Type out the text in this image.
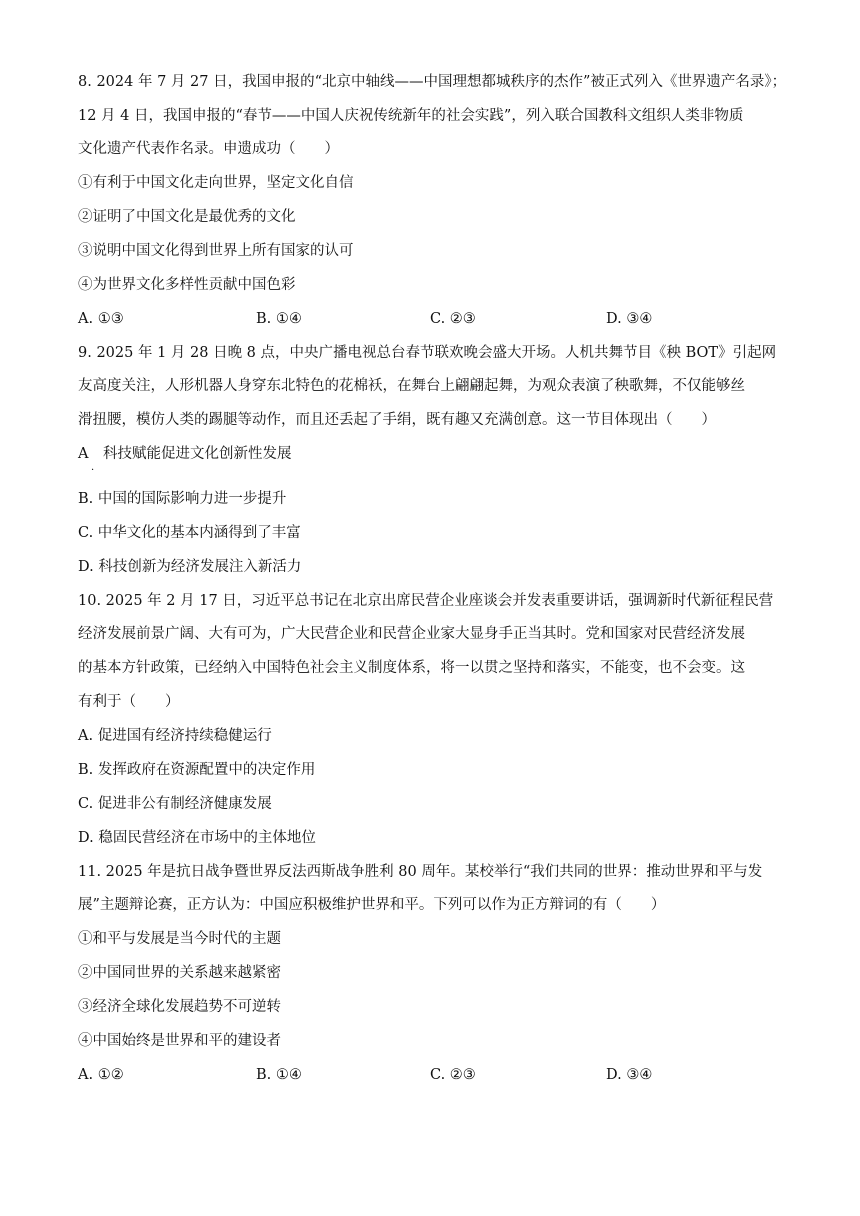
8. 2024 年 7 月 27 日，我国申报的“北京中轴线——中国理想都城秩序的杰作”被正式列入《世界遗产名录》；
12 月 4 日，我国申报的“春节——中国人庆祝传统新年的社会实践”，列入联合国教科文组织人类非物质
文化遗产代表作名录。申遗成功（　　）
①有利于中国文化走向世界，坚定文化自信
②证明了中国文化是最优秀的文化
③说明中国文化得到世界上所有国家的认可
④为世界文化多样性贡献中国色彩
A. ①③	B. ①④	C. ②③	D. ③④
9. 2025 年 1 月 28 日晚 8 点，中央广播电视总台春节联欢晚会盛大开场。人机共舞节目《秧 BOT》引起网
友高度关注，人形机器人身穿东北特色的花棉袄，在舞台上翩翩起舞，为观众表演了秧歌舞，不仅能够丝
滑扭腰，模仿人类的踢腿等动作，而且还丢起了手绢，既有趣又充满创意。这一节目体现出（　　）
A　科技赋能促进文化创新性发展
·
B. 中国的国际影响力进一步提升
C. 中华文化的基本内涵得到了丰富
D. 科技创新为经济发展注入新活力
10. 2025 年 2 月 17 日，习近平总书记在北京出席民营企业座谈会并发表重要讲话，强调新时代新征程民营
经济发展前景广阔、大有可为，广大民营企业和民营企业家大显身手正当其时。党和国家对民营经济发展
的基本方针政策，已经纳入中国特色社会主义制度体系，将一以贯之坚持和落实，不能变，也不会变。这
有利于（　　）
A. 促进国有经济持续稳健运行
B. 发挥政府在资源配置中的决定作用
C. 促进非公有制经济健康发展
D. 稳固民营经济在市场中的主体地位
11. 2025 年是抗日战争暨世界反法西斯战争胜利 80 周年。某校举行“我们共同的世界：推动世界和平与发
展”主题辩论赛，正方认为：中国应积极维护世界和平。下列可以作为正方辩词的有（　　）
①和平与发展是当今时代的主题
②中国同世界的关系越来越紧密
③经济全球化发展趋势不可逆转
④中国始终是世界和平的建设者
A. ①②	B. ①④	C. ②③	D. ③④
